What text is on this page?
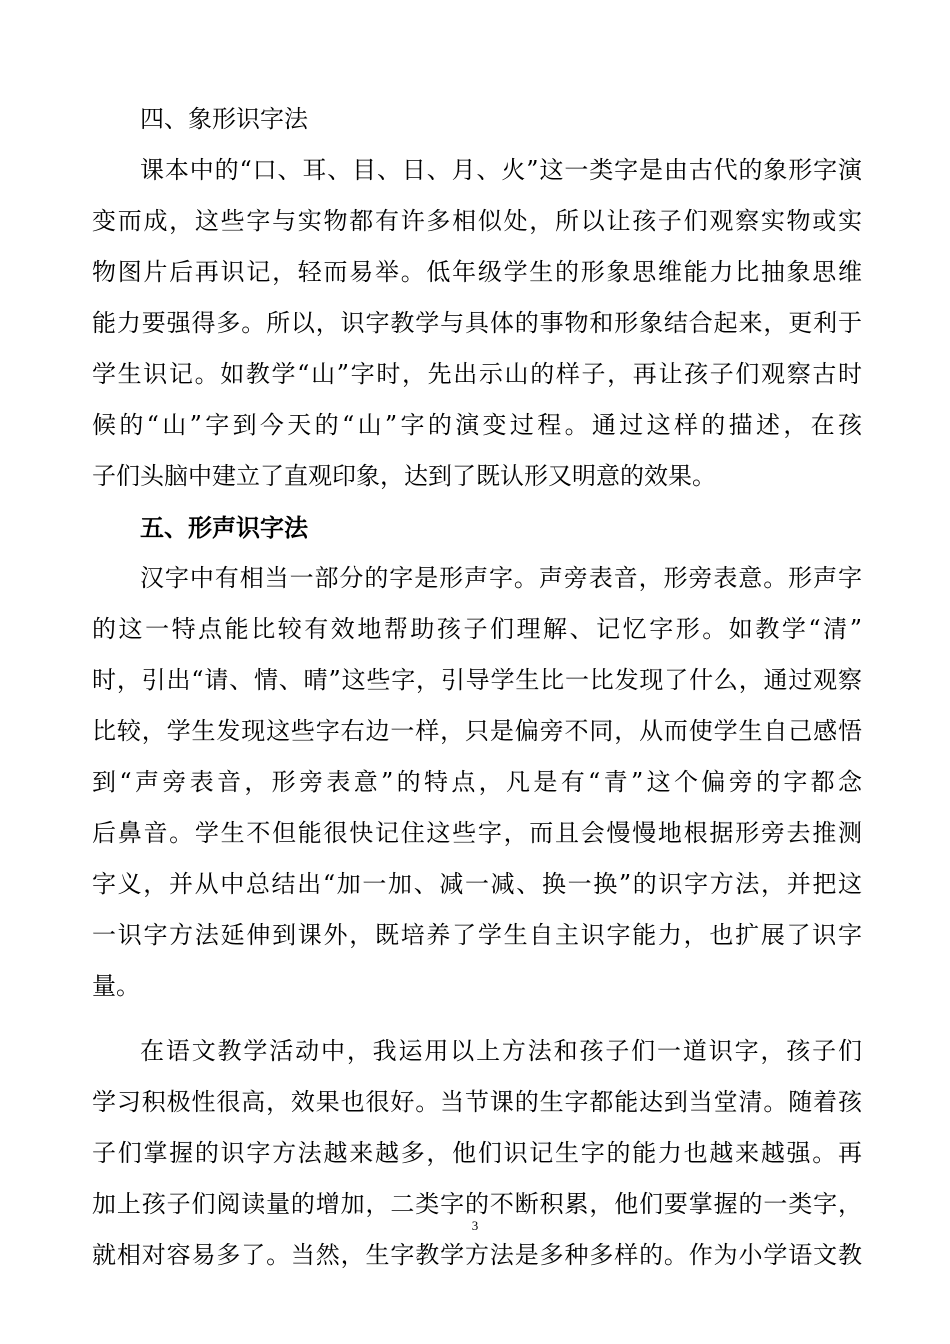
四、象形识字法

课本中的“口、耳、目、日、月、火”这一类字是由古代的象形字演
变而成，这些字与实物都有许多相似处，所以让孩子们观察实物或实
物图片后再识记，轻而易举。低年级学生的形象思维能力比抽象思维
能力要强得多。所以，识字教学与具体的事物和形象结合起来，更利于
学生识记。如教学“山”字时，先出示山的样子，再让孩子们观察古时
候的“山”字到今天的“山”字的演变过程。通过这样的描述，在孩
子们头脑中建立了直观印象，达到了既认形又明意的效果。

五、形声识字法

汉字中有相当一部分的字是形声字。声旁表音，形旁表意。形声字
的这一特点能比较有效地帮助孩子们理解、记忆字形。如教学“清”
时，引出“请、情、晴”这些字，引导学生比一比发现了什么，通过观察
比较，学生发现这些字右边一样，只是偏旁不同，从而使学生自己感悟
到“声旁表音，形旁表意”的特点，凡是有“青”这个偏旁的字都念
后鼻音。学生不但能很快记住这些字，而且会慢慢地根据形旁去推测
字义，并从中总结出“加一加、减一减、换一换”的识字方法，并把这
一识字方法延伸到课外，既培养了学生自主识字能力，也扩展了识字
量。
在语文教学活动中，我运用以上方法和孩子们一道识字，孩子们
学习积极性很高，效果也很好。当节课的生字都能达到当堂清。随着孩
子们掌握的识字方法越来越多，他们识记生字的能力也越来越强。再
加上孩子们阅读量的增加，二类字的不断积累，他们要掌握的一类字，
就相对容易多了。当然，生字教学方法是多种多样的。作为小学语文教
3
